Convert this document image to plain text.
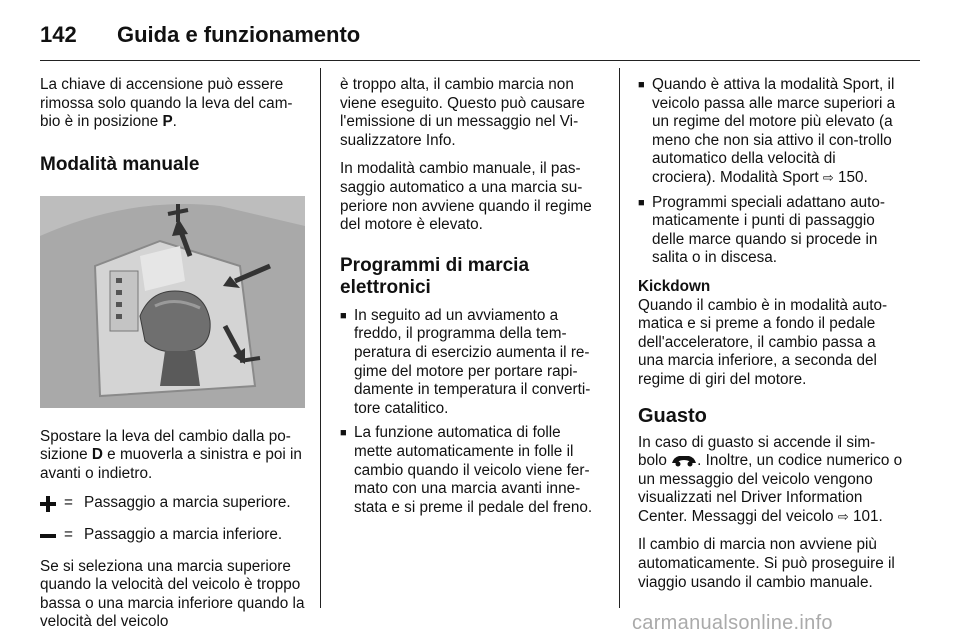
142 Guida e funzionamento

La chiave di accensione può essere rimossa solo quando la leva del cam-bio è in posizione P.

Modalità manuale

Spostare la leva del cambio dalla po-sizione D e muoverla a sinistra e poi in avanti o indietro.

= Passaggio a marcia superiore.
= Passaggio a marcia inferiore.

Se si seleziona una marcia superiore quando la velocità del veicolo è troppo bassa o una marcia inferiore quando la velocità del veicolo

è troppo alta, il cambio marcia non viene eseguito. Questo può causare l'emissione di un messaggio nel Vi-sualizzatore Info.

In modalità cambio manuale, il pas-saggio automatico a una marcia su-periore non avviene quando il regime del motore è elevato.

Programmi di marcia elettronici
■ In seguito ad un avviamento a freddo, il programma della tem-peratura di esercizio aumenta il re-gime del motore per portare rapi-damente in temperatura il converti-tore catalitico.
■ La funzione automatica di folle mette automaticamente in folle il cambio quando il veicolo viene fer-mato con una marcia avanti inne-stata e si preme il pedale del freno.
■ Quando è attiva la modalità Sport, il veicolo passa alle marce superiori a un regime del motore più elevato (a meno che non sia attivo il con-trollo automatico della velocità di crociera). Modalità Sport ⇨ 150.
■ Programmi speciali adattano auto-maticamente i punti di passaggio delle marce quando si procede in salita o in discesa.
Kickdown

Quando il cambio è in modalità auto-matica e si preme a fondo il pedale dell'acceleratore, il cambio passa a una marcia inferiore, a seconda del regime di giri del motore.

Guasto

In caso di guasto si accende il sim-bolo . Inoltre, un codice numerico o un messaggio del veicolo vengono visualizzati nel Driver Information Center. Messaggi del veicolo ⇨ 101.

Il cambio di marcia non avviene più automaticamente. Si può proseguire il viaggio usando il cambio manuale.

carmanualsonline.info
